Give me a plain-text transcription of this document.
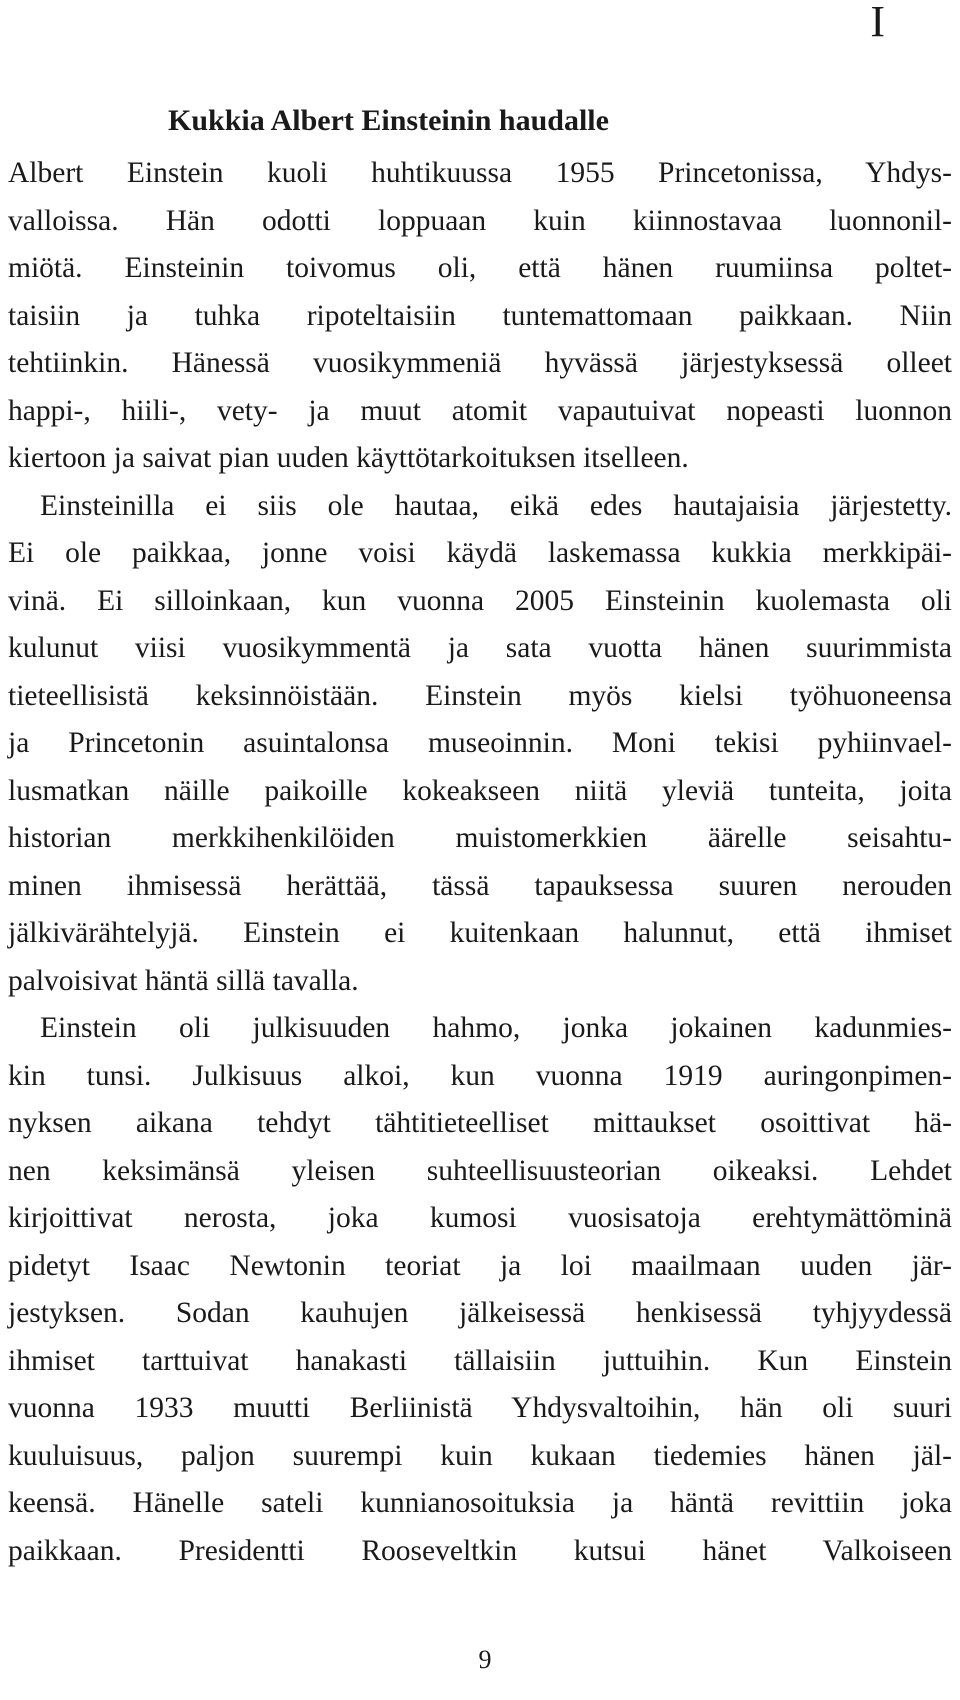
I
Kukkia Albert Einsteinin haudalle
Albert Einstein kuoli huhtikuussa 1955 Princetonissa, Yhdys-
valloissa. Hän odotti loppuaan kuin kiinnostavaa luonnonil-
miötä. Einsteinin toivomus oli, että hänen ruumiinsa poltet-
taisiin ja tuhka ripoteltaisiin tuntemattomaan paikkaan. Niin
tehtiinkin. Hänessä vuosikymmeniä hyvässä järjestyksessä olleet
happi-, hiili-, vety- ja muut atomit vapautuivat nopeasti luonnon
kiertoon ja saivat pian uuden käyttötarkoituksen itselleen.
Einsteinilla ei siis ole hautaa, eikä edes hautajaisia järjestetty.
Ei ole paikkaa, jonne voisi käydä laskemassa kukkia merkkipäi-
vinä. Ei silloinkaan, kun vuonna 2005 Einsteinin kuolemasta oli
kulunut viisi vuosikymmentä ja sata vuotta hänen suurimmista
tieteellisistä keksinnöistään. Einstein myös kielsi työhuoneensa
ja Princetonin asuintalonsa museoinnin. Moni tekisi pyhiinvael-
lusmatkan näille paikoille kokeakseen niitä yleviä tunteita, joita
historian merkkihenkilöiden muistomerkkien äärelle seisahtu-
minen ihmisessä herättää, tässä tapauksessa suuren nerouden
jälkivärähtelyjä. Einstein ei kuitenkaan halunnut, että ihmiset
palvoisivat häntä sillä tavalla.
Einstein oli julkisuuden hahmo, jonka jokainen kadunmies-
kin tunsi. Julkisuus alkoi, kun vuonna 1919 auringonpimen-
nyksen aikana tehdyt tähtitieteelliset mittaukset osoittivat hä-
nen keksimänsä yleisen suhteellisuusteorian oikeaksi. Lehdet
kirjoittivat nerosta, joka kumosi vuosisatoja erehtymättöminä
pidetyt Isaac Newtonin teoriat ja loi maailmaan uuden jär-
jestyksen. Sodan kauhujen jälkeisessä henkisessä tyhjyydessä
ihmiset tarttuivat hanakasti tällaisiin juttuihin. Kun Einstein
vuonna 1933 muutti Berliinistä Yhdysvaltoihin, hän oli suuri
kuuluisuus, paljon suurempi kuin kukaan tiedemies hänen jäl-
keensä. Hänelle sateli kunnianosoituksia ja häntä revittiin joka
paikkaan. Presidentti Rooseveltkin kutsui hänet Valkoiseen
9
